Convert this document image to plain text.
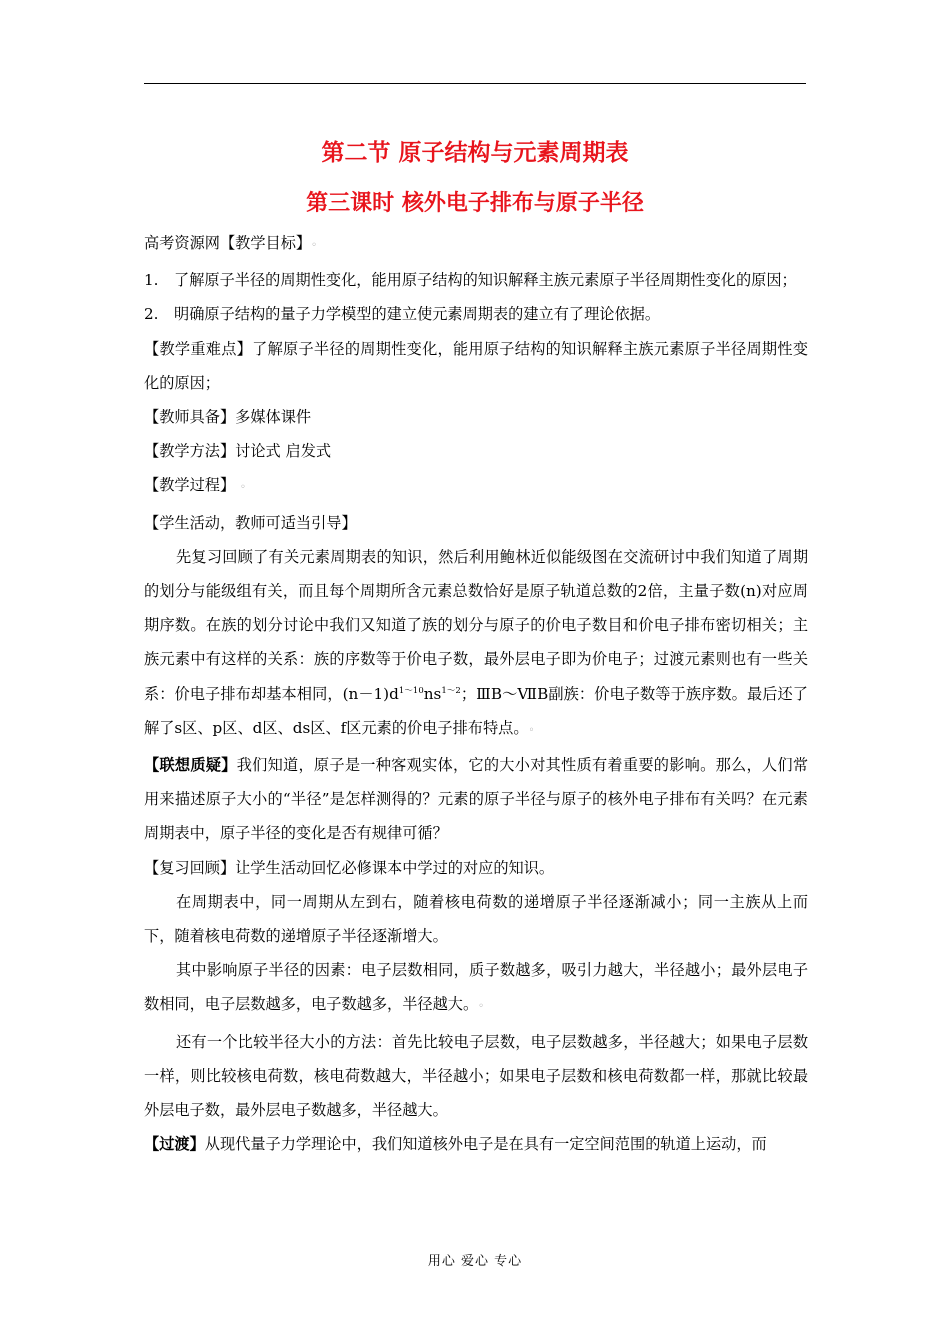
第二节 原子结构与元素周期表
第三课时 核外电子排布与原子半径

高考资源网【教学目标】◦

1.	了解原子半径的周期性变化，能用原子结构的知识解释主族元素原子半径周期性变化的原因；

2.	明确原子结构的量子力学模型的建立使元素周期表的建立有了理论依据。

【教学重难点】了解原子半径的周期性变化，能用原子结构的知识解释主族元素原子半径周期性变化的原因；

【教师具备】多媒体课件

【教学方法】讨论式 启发式

【教学过程】 ◦

【学生活动，教师可适当引导】

先复习回顾了有关元素周期表的知识，然后利用鲍林近似能级图在交流研讨中我们知道了周期的划分与能级组有关，而且每个周期所含元素总数恰好是原子轨道总数的2倍，主量子数(n)对应周期序数。在族的划分讨论中我们又知道了族的划分与原子的价电子数目和价电子排布密切相关；主族元素中有这样的关系：族的序数等于价电子数，最外层电子即为价电子；过渡元素则也有一些关系：价电子排布却基本相同，$(n-1)d^{1\sim 10}ns^{1\sim 2}$；ⅢB～ⅦB副族：价电子数等于族序数。最后还了解了s区、p区、d区、ds区、f区元素的价电子排布特点。◦

【联想质疑】我们知道，原子是一种客观实体，它的大小对其性质有着重要的影响。那么，人们常用来描述原子大小的“半径”是怎样测得的？元素的原子半径与原子的核外电子排布有关吗？在元素周期表中，原子半径的变化是否有规律可循？

【复习回顾】让学生活动回忆必修课本中学过的对应的知识。

在周期表中，同一周期从左到右，随着核电荷数的递增原子半径逐渐减小；同一主族从上而下，随着核电荷数的递增原子半径逐渐增大。

其中影响原子半径的因素：电子层数相同，质子数越多，吸引力越大，半径越小；最外层电子数相同，电子层数越多，电子数越多，半径越大。◦

还有一个比较半径大小的方法：首先比较电子层数，电子层数越多，半径越大；如果电子层数一样，则比较核电荷数，核电荷数越大，半径越小；如果电子层数和核电荷数都一样，那就比较最外层电子数，最外层电子数越多，半径越大。

【过渡】从现代量子力学理论中，我们知道核外电子是在具有一定空间范围的轨道上运动，而

用心 爱心 专心
